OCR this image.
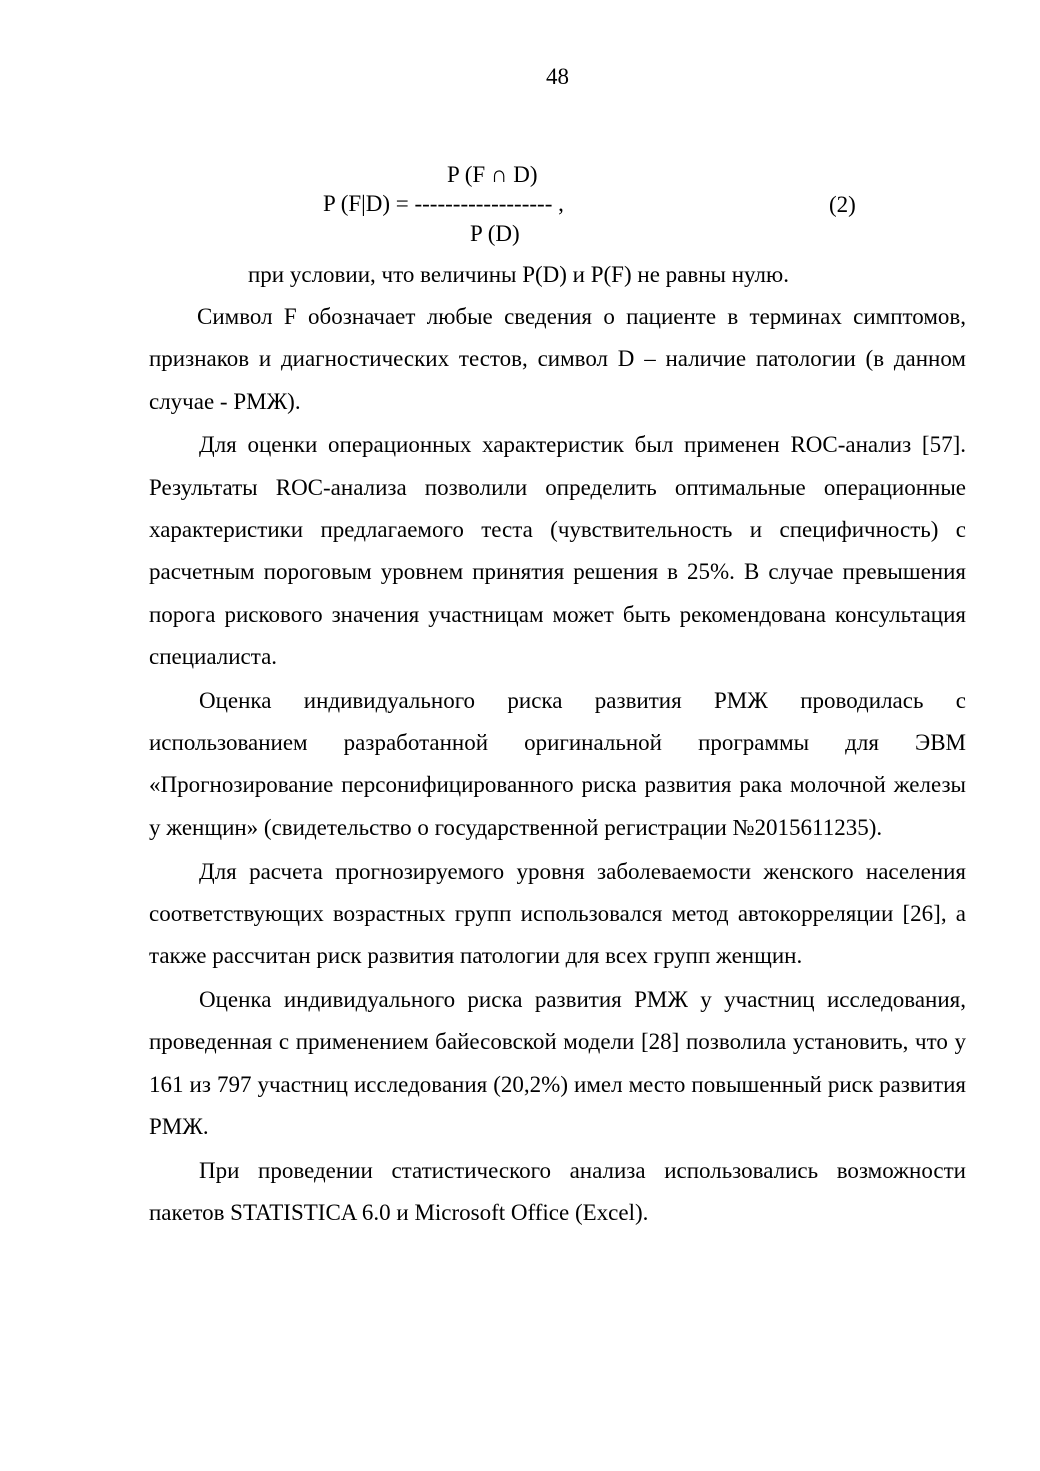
48
P (F ∩ D)
P (F|D) = ------------------ ,
P (D)
(2)
при условии, что величины P(D) и P(F) не равны нулю.

Символ F обозначает любые сведения о пациенте в терминах симптомов, признаков и диагностических тестов, символ D – наличие патологии (в данном случае - РМЖ).

Для оценки операционных характеристик был применен ROC-анализ [57]. Результаты ROC-анализа позволили определить оптимальные операционные характеристики предлагаемого теста (чувствительность и специфичность) с расчетным пороговым уровнем принятия решения в 25%. В случае превышения порога рискового значения участницам может быть рекомендована консультация специалиста.

Оценка индивидуального риска развития РМЖ проводилась с использованием разработанной оригинальной программы для ЭВМ «Прогнозирование персонифицированного риска развития рака молочной железы у женщин» (свидетельство о государственной регистрации №2015611235).

Для расчета прогнозируемого уровня заболеваемости женского населения соответствующих возрастных групп использовался метод автокорреляции [26], а также рассчитан риск развития патологии для всех групп женщин.

Оценка индивидуального риска развития РМЖ у участниц исследования, проведенная с применением байесовской модели [28] позволила установить, что у 161 из 797 участниц исследования (20,2%) имел место повышенный риск развития РМЖ.

При проведении статистического анализа использовались возможности пакетов STATISTICA 6.0 и Microsoft Office (Excel).
